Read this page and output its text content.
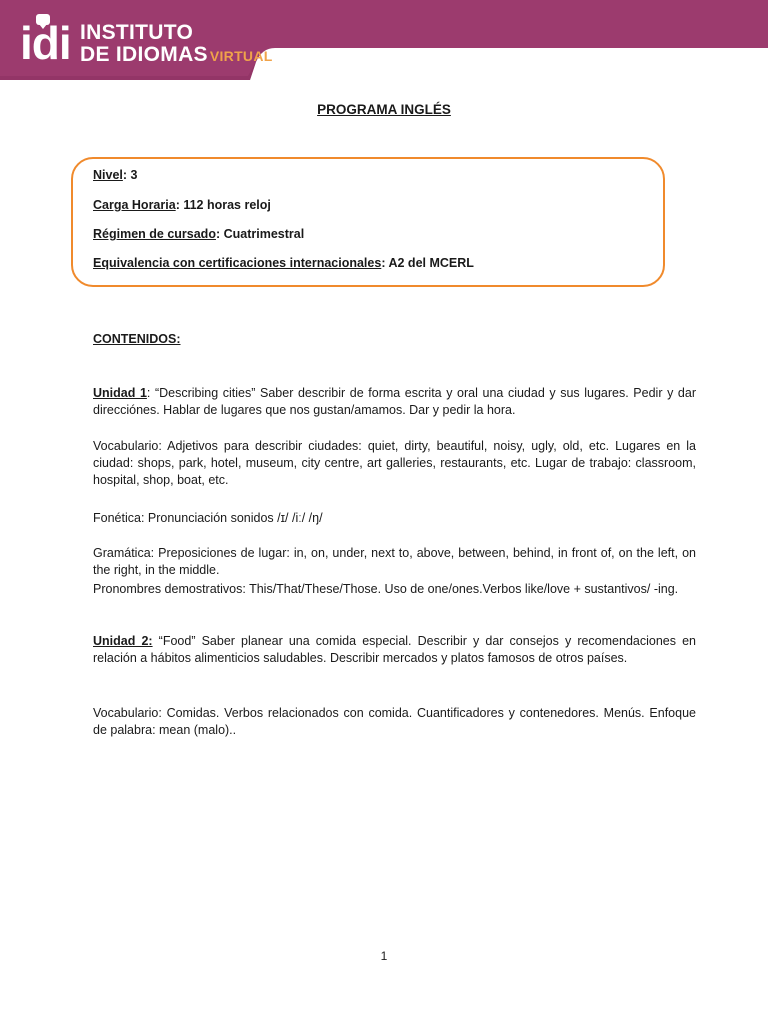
idi INSTITUTO
DE IDIOMAS VIRTUAL
PROGRAMA INGLÉS
Nivel: 3
Carga Horaria: 112 horas reloj
Régimen de cursado: Cuatrimestral
Equivalencia con certificaciones internacionales: A2 del MCERL
CONTENIDOS:
Unidad 1: “Describing cities” Saber describir de forma escrita y oral una ciudad y sus lugares. Pedir y dar direcciónes. Hablar de lugares que nos gustan/amamos. Dar y pedir la hora.
Vocabulario: Adjetivos para describir ciudades: quiet, dirty, beautiful, noisy, ugly, old, etc. Lugares en la ciudad: shops, park, hotel, museum, city centre, art galleries, restaurants, etc. Lugar de trabajo: classroom, hospital, shop, boat, etc.
Fonética: Pronunciación sonidos /ɪ/ /iː/ /ŋ/
Gramática: Preposiciones de lugar: in, on, under, next to, above, between, behind, in front of, on the left, on the right, in the middle.
Pronombres demostrativos: This/That/These/Those. Uso de one/ones.Verbos like/love + sustantivos/ -ing.
Unidad 2: “Food” Saber planear una comida especial. Describir y dar consejos y recomendaciones en relación a hábitos alimenticios saludables. Describir mercados y platos famosos de otros países.
Vocabulario: Comidas. Verbos relacionados con comida. Cuantificadores y contenedores. Menús. Enfoque de palabra: mean (malo)..
1
